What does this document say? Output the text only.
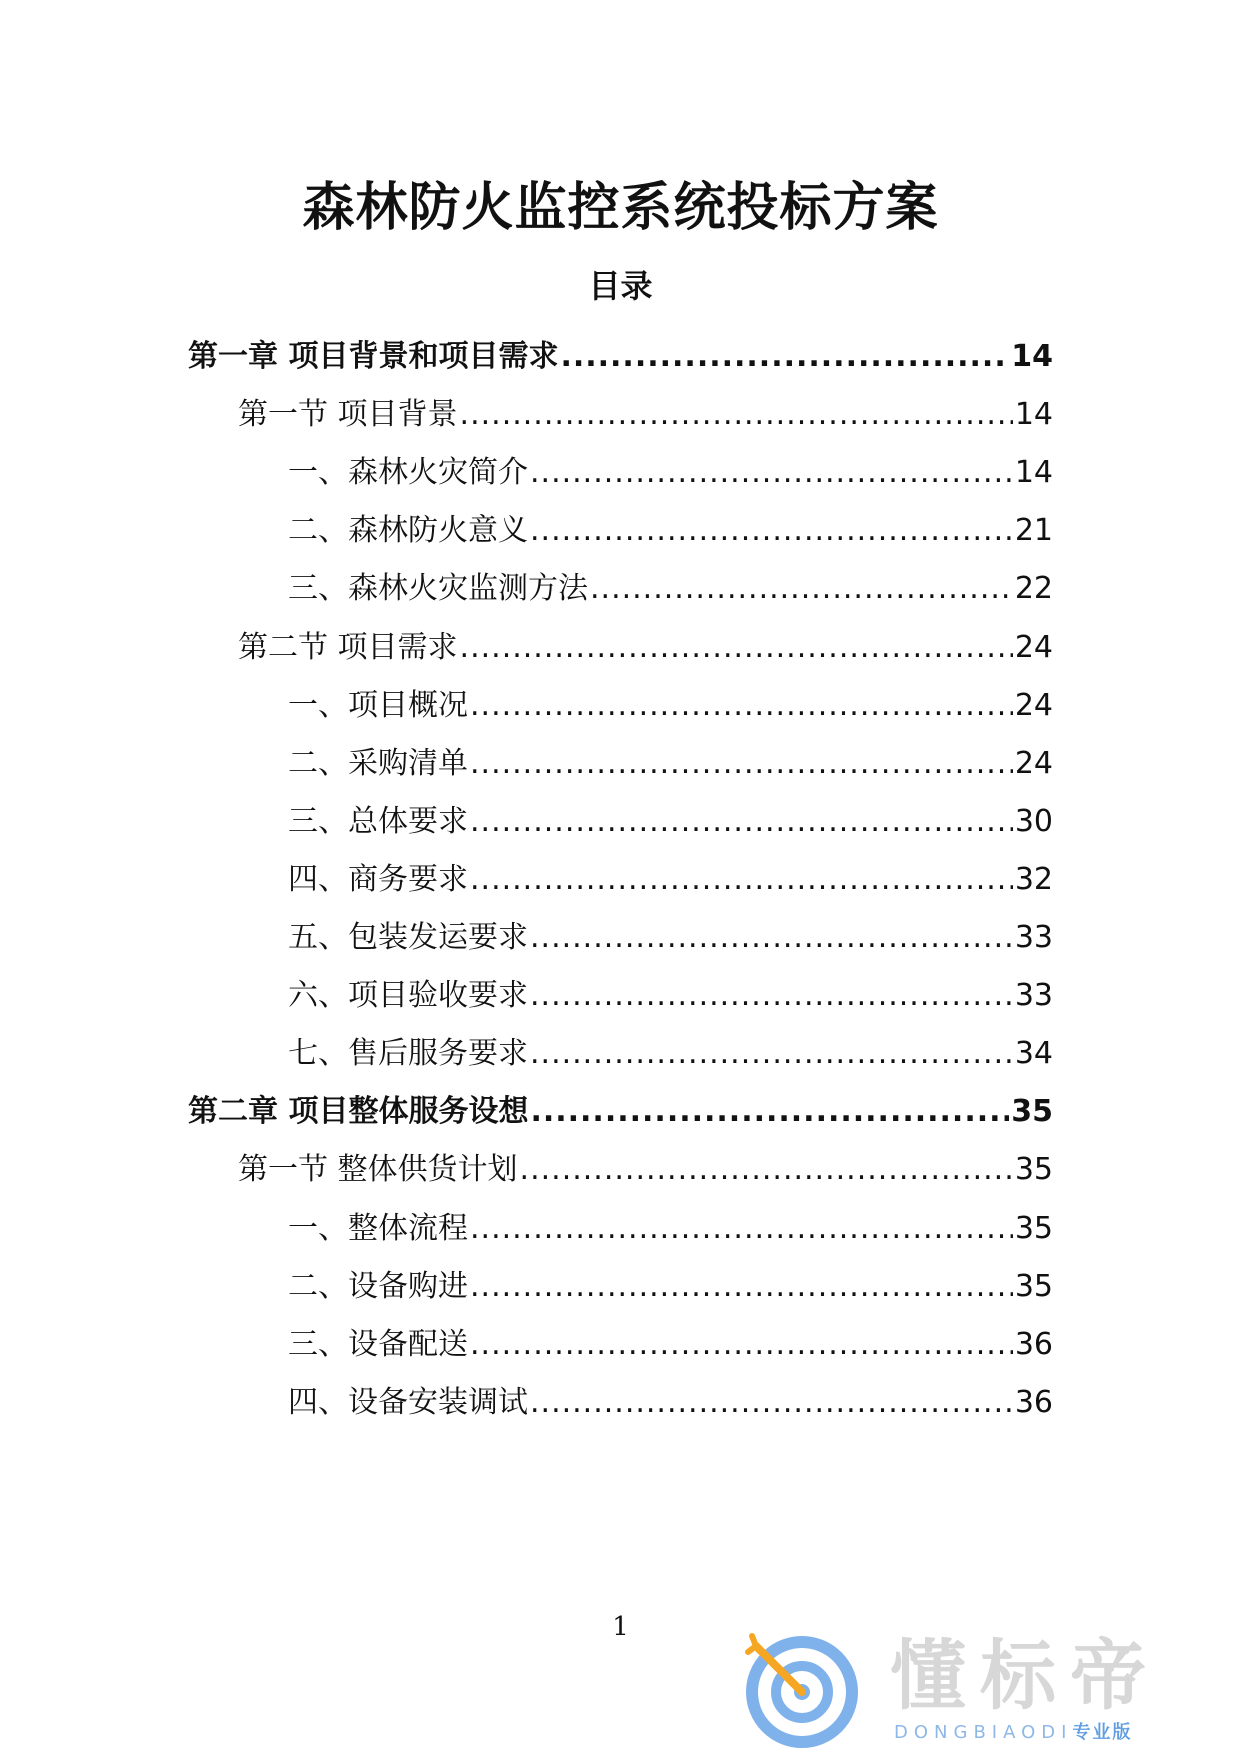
森林防火监控系统投标方案
目录
第一章 项目背景和项目需求 .....	14
第一节 项目背景 .....	14
一、森林火灾简介 .....	14
二、森林防火意义 .....	21
三、森林火灾监测方法 .....	22
第二节 项目需求 .....	24
一、项目概况 .....	24
二、采购清单 .....	24
三、总体要求 .....	30
四、商务要求 .....	32
五、包装发运要求 .....	33
六、项目验收要求 .....	33
七、售后服务要求 .....	34
第二章 项目整体服务设想 .....	35
第一节 整体供货计划 .....	35
一、整体流程 .....	35
二、设备购进 .....	35
三、设备配送 .....	36
四、设备安装调试 .....	36
1
懂标帝
DONGBIAODI专业版
